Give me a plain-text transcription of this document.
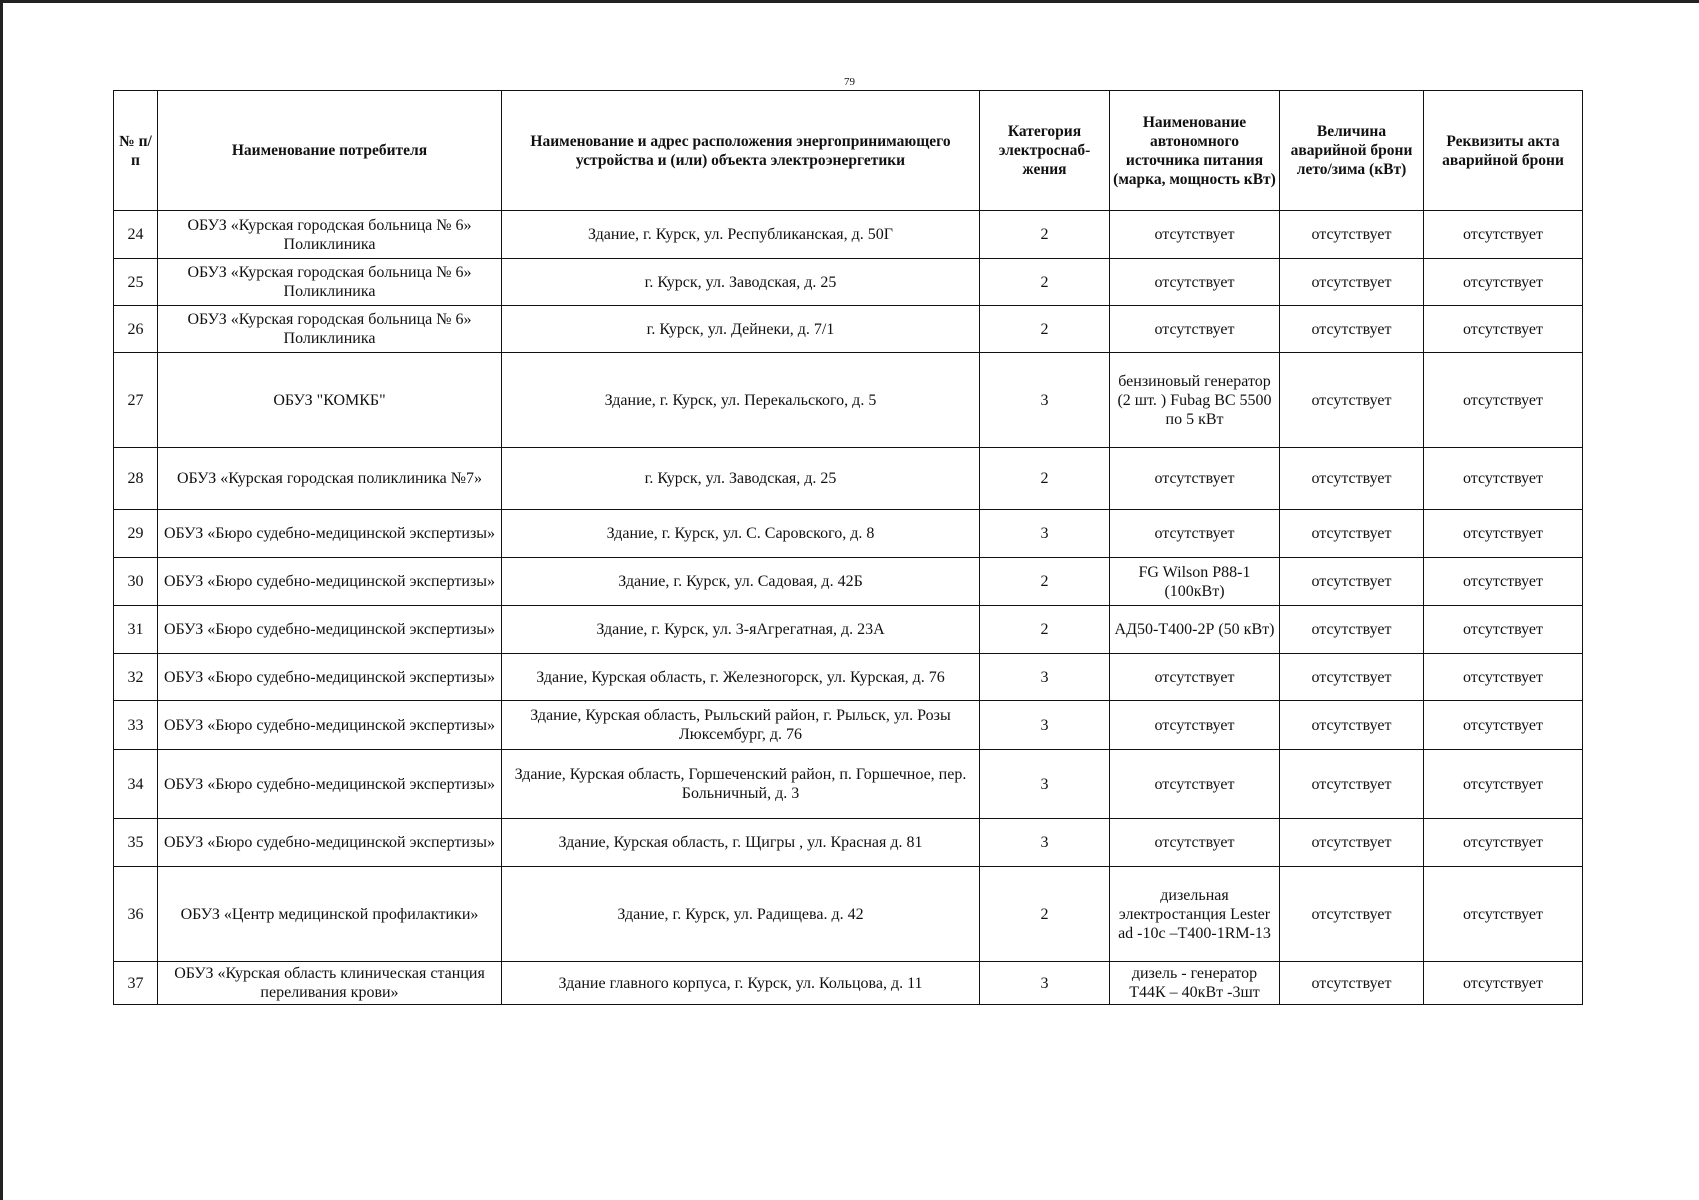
79
№ п/п	Наименование потребителя	Наименование и адрес расположения энергопринимающего устройства и (или) объекта электроэнергетики	Категория электроснаб-жения	Наименование автономного источника питания (марка, мощность кВт)	Величина аварийной брони лето/зима (кВт)	Реквизиты акта аварийной брони
24	ОБУЗ «Курская городская больница № 6» Поликлиника	Здание, г. Курск, ул. Республиканская, д. 50Г	2	отсутствует	отсутствует	отсутствует
25	ОБУЗ «Курская городская больница № 6» Поликлиника	г. Курск, ул. Заводская, д. 25	2	отсутствует	отсутствует	отсутствует
26	ОБУЗ «Курская городская больница № 6» Поликлиника	г. Курск, ул. Дейнеки, д. 7/1	2	отсутствует	отсутствует	отсутствует
27	ОБУЗ "КОМКБ"	Здание, г. Курск, ул. Перекальского, д. 5	3	бензиновый генератор (2 шт. ) Fubag BC 5500 по 5 кВт	отсутствует	отсутствует
28	ОБУЗ «Курская городская поликлиника №7»	г. Курск, ул. Заводская, д. 25	2	отсутствует	отсутствует	отсутствует
29	ОБУЗ «Бюро судебно-медицинской экспертизы»	Здание, г. Курск, ул. С. Саровского, д. 8	3	отсутствует	отсутствует	отсутствует
30	ОБУЗ «Бюро судебно-медицинской экспертизы»	Здание, г. Курск, ул. Садовая, д. 42Б	2	FG Wilson P88-1 (100кВт)	отсутствует	отсутствует
31	ОБУЗ «Бюро судебно-медицинской экспертизы»	Здание, г. Курск, ул. 3-яАгрегатная, д. 23А	2	АД50-Т400-2Р (50 кВт)	отсутствует	отсутствует
32	ОБУЗ «Бюро судебно-медицинской экспертизы»	Здание, Курская область, г. Железногорск, ул. Курская, д. 76	3	отсутствует	отсутствует	отсутствует
33	ОБУЗ «Бюро судебно-медицинской экспертизы»	Здание, Курская область, Рыльский район, г. Рыльск, ул. Розы Люксембург, д. 76	3	отсутствует	отсутствует	отсутствует
34	ОБУЗ «Бюро судебно-медицинской экспертизы»	Здание, Курская область, Горшеченский район, п. Горшечное, пер. Больничный, д. 3	3	отсутствует	отсутствует	отсутствует
35	ОБУЗ «Бюро судебно-медицинской экспертизы»	Здание, Курская область, г. Щигры , ул. Красная д. 81	3	отсутствует	отсутствует	отсутствует
36	ОБУЗ «Центр медицинской профилактики»	Здание, г. Курск, ул. Радищева. д. 42	2	дизельная электростанция Lester ad -10c –T400-1RM-13	отсутствует	отсутствует
37	ОБУЗ «Курская область клиническая станция переливания крови»	Здание главного корпуса, г. Курск, ул. Кольцова, д. 11	3	дизель - генератор Т44К – 40кВт -3шт	отсутствует	отсутствует
